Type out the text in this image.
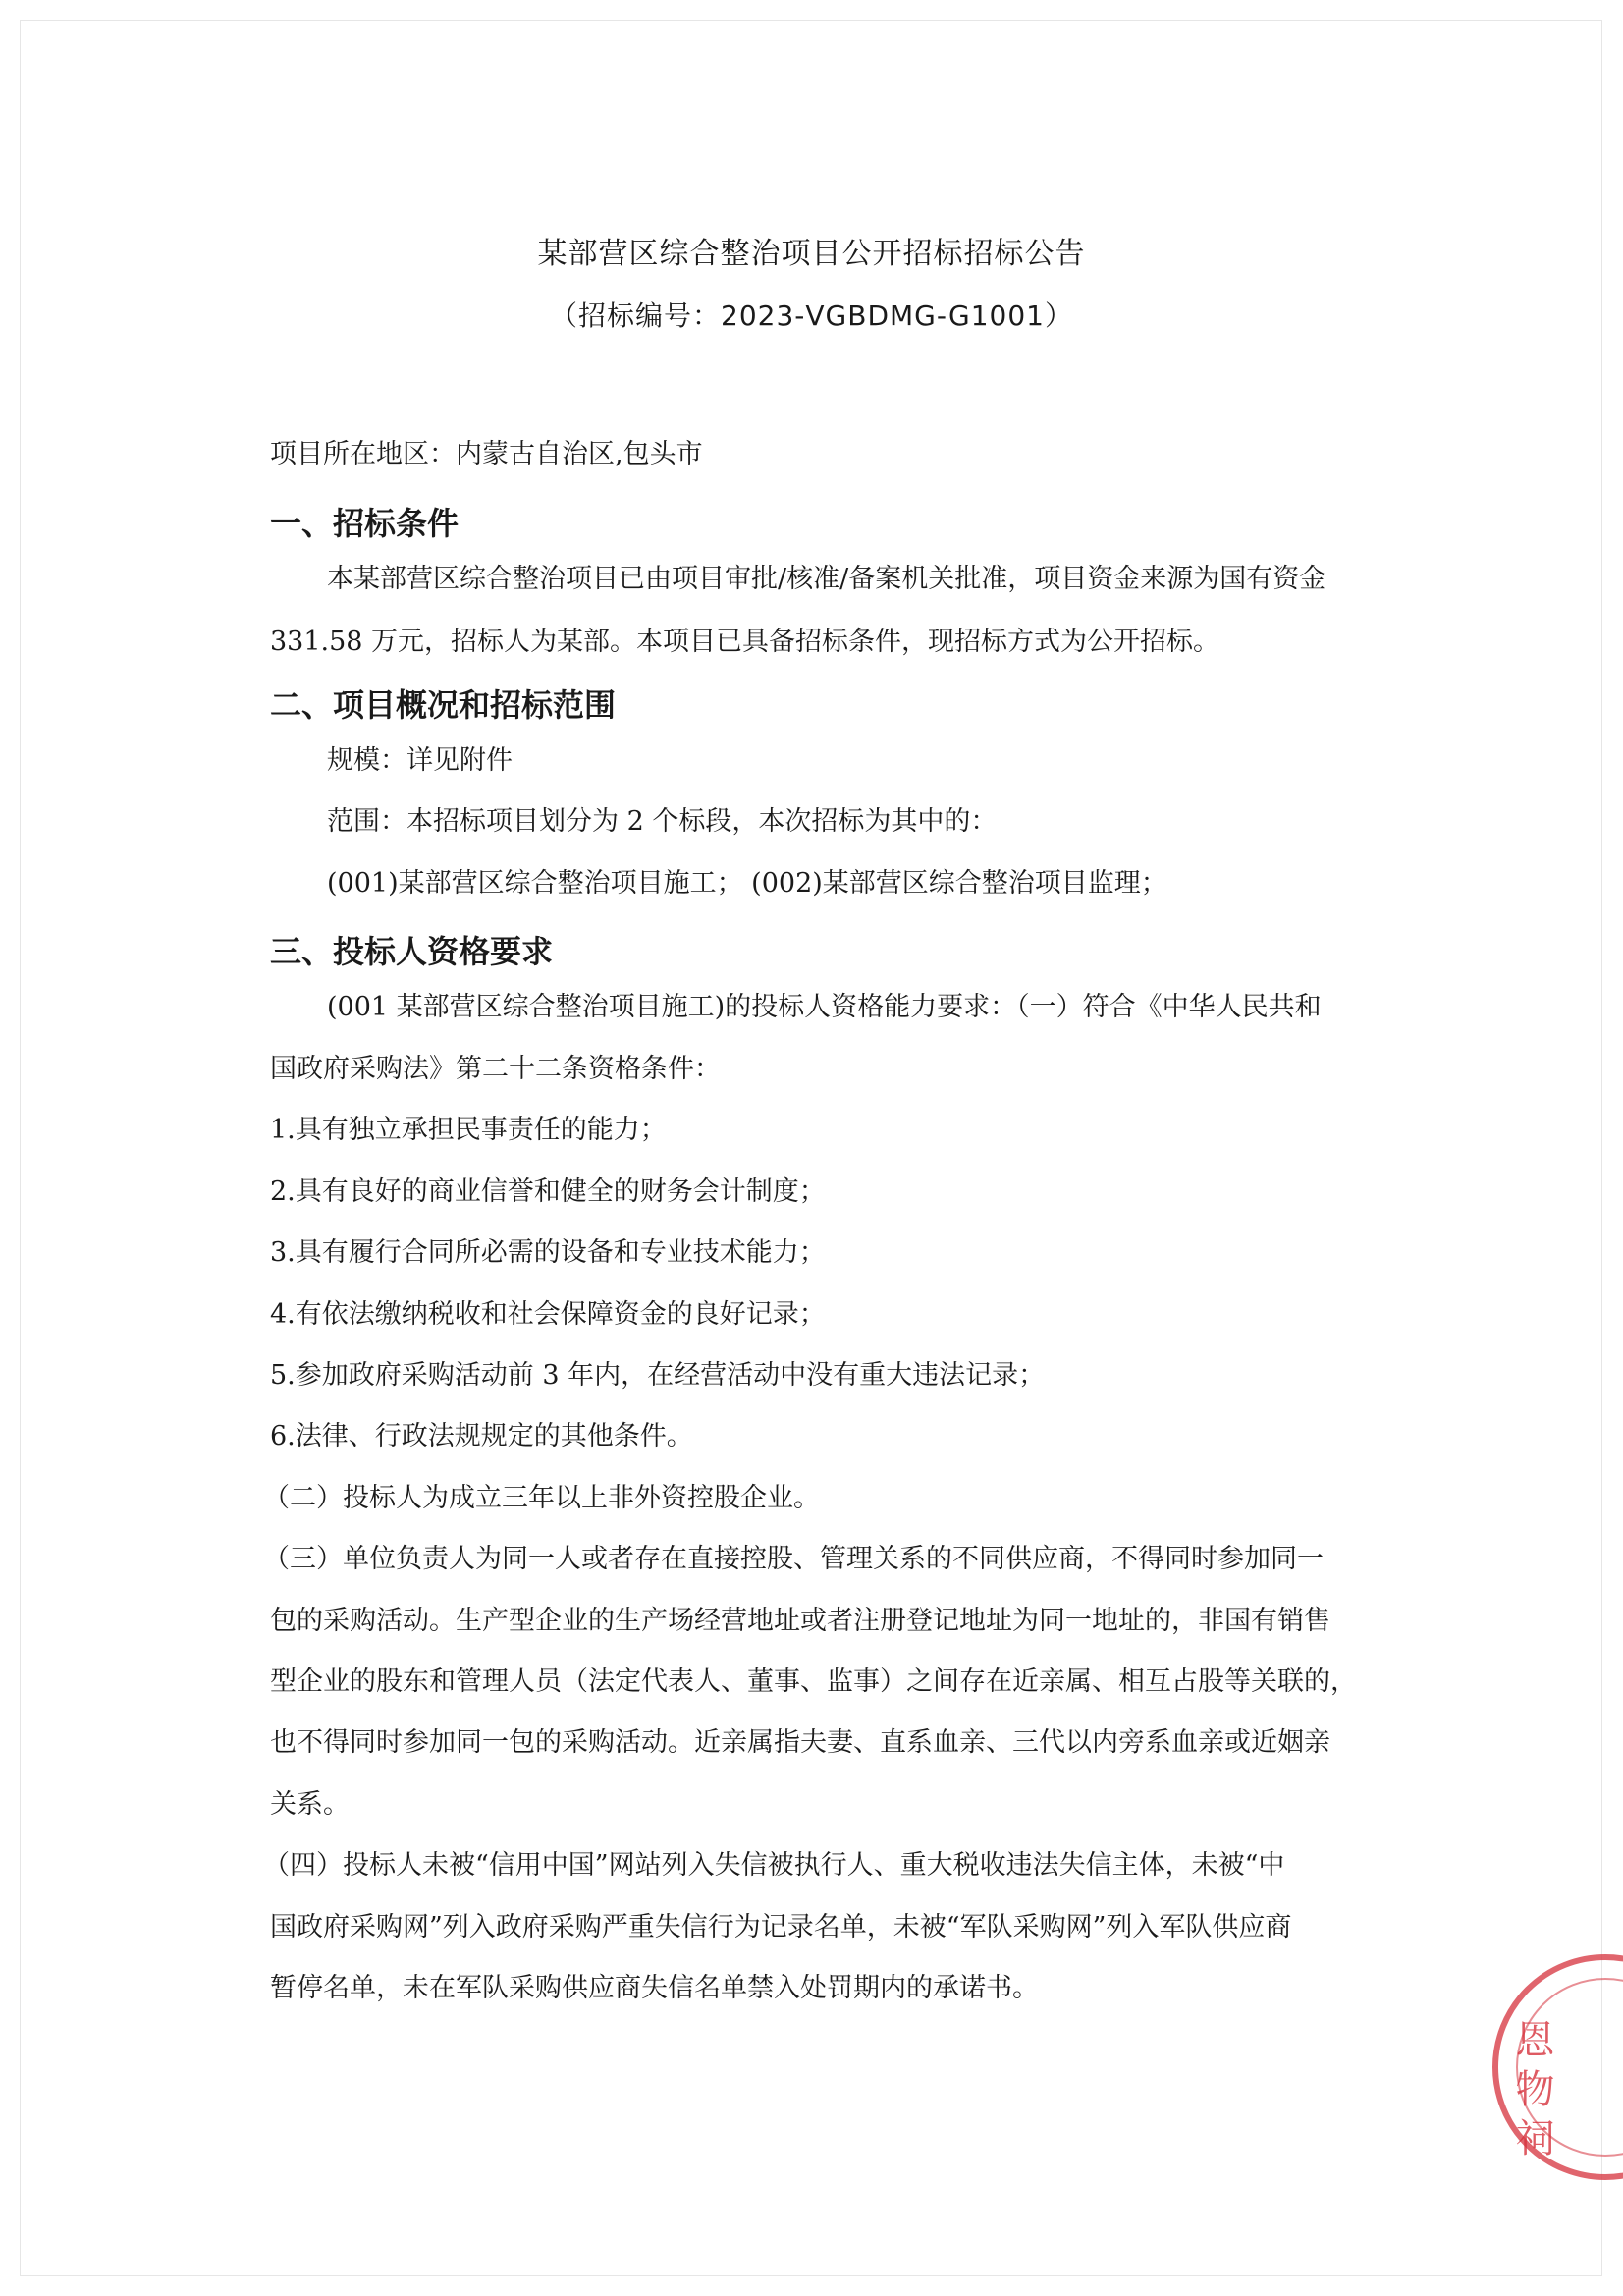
某部营区综合整治项目公开招标招标公告
（招标编号：2023-VGBDMG-G1001）
项目所在地区：内蒙古自治区,包头市
一、招标条件
本某部营区综合整治项目已由项目审批/核准/备案机关批准，项目资金来源为国有资金
331.58 万元，招标人为某部。本项目已具备招标条件，现招标方式为公开招标。
二、项目概况和招标范围
规模：详见附件
范围：本招标项目划分为 2 个标段，本次招标为其中的：
(001)某部营区综合整治项目施工； (002)某部营区综合整治项目监理；
三、投标人资格要求
(001 某部营区综合整治项目施工)的投标人资格能力要求：（一）符合《中华人民共和
国政府采购法》第二十二条资格条件：
1.具有独立承担民事责任的能力；
2.具有良好的商业信誉和健全的财务会计制度；
3.具有履行合同所必需的设备和专业技术能力；
4.有依法缴纳税收和社会保障资金的良好记录；
5.参加政府采购活动前 3 年内，在经营活动中没有重大违法记录；
6.法律、行政法规规定的其他条件。
（二）投标人为成立三年以上非外资控股企业。
（三）单位负责人为同一人或者存在直接控股、管理关系的不同供应商，不得同时参加同一
包的采购活动。生产型企业的生产场经营地址或者注册登记地址为同一地址的，非国有销售
型企业的股东和管理人员（法定代表人、董事、监事）之间存在近亲属、相互占股等关联的，
也不得同时参加同一包的采购活动。近亲属指夫妻、直系血亲、三代以内旁系血亲或近姻亲
关系。
（四）投标人未被“信用中国”网站列入失信被执行人、重大税收违法失信主体，未被“中
国政府采购网”列入政府采购严重失信行为记录名单，未被“军队采购网”列入军队供应商
暂停名单，未在军队采购供应商失信名单禁入处罚期内的承诺书。
恩物祠
